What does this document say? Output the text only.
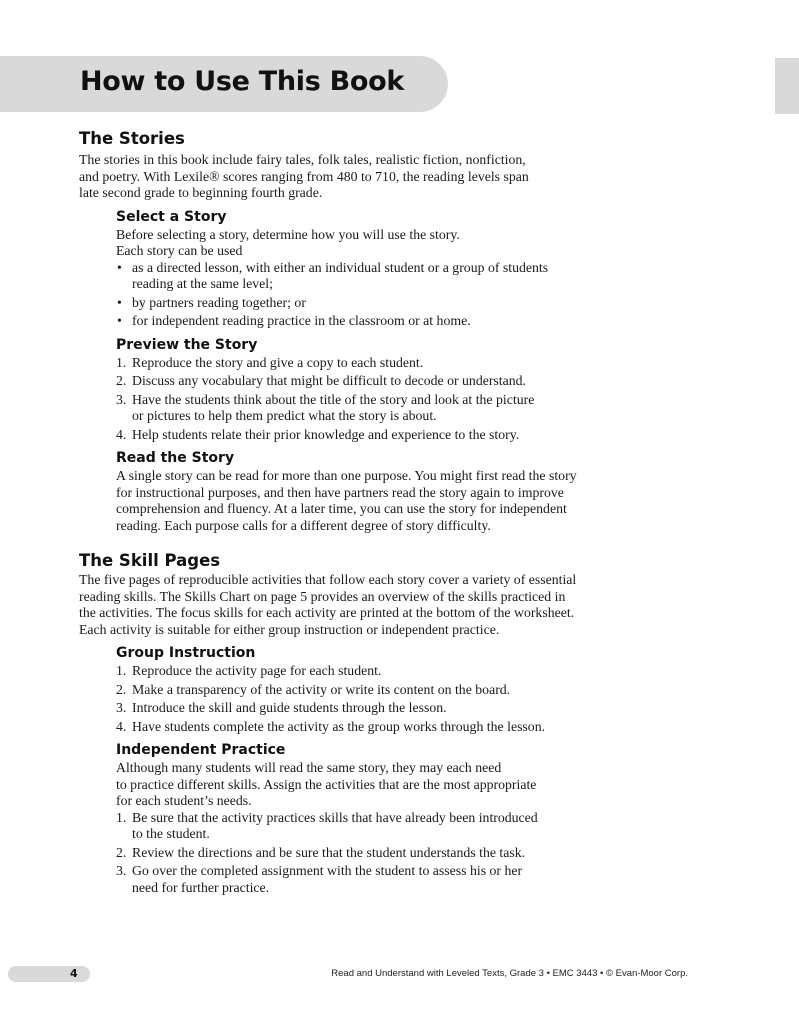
How to Use This Book
The Stories

The stories in this book include fairy tales, folk tales, realistic fiction, nonfiction,
and poetry. With Lexile® scores ranging from 480 to 710, the reading levels span
late second grade to beginning fourth grade.

Select a Story

Before selecting a story, determine how you will use the story.
Each story can be used

• as a directed lesson, with either an individual student or a group of students
reading at the same level;
• by partners reading together; or
• for independent reading practice in the classroom or at home.
Preview the Story
1. Reproduce the story and give a copy to each student.
2. Discuss any vocabulary that might be difficult to decode or understand.
3. Have the students think about the title of the story and look at the picture
or pictures to help them predict what the story is about.
4. Help students relate their prior knowledge and experience to the story.
Read the Story

A single story can be read for more than one purpose. You might first read the story
for instructional purposes, and then have partners read the story again to improve
comprehension and fluency. At a later time, you can use the story for independent
reading. Each purpose calls for a different degree of story difficulty.

The Skill Pages

The five pages of reproducible activities that follow each story cover a variety of essential
reading skills. The Skills Chart on page 5 provides an overview of the skills practiced in
the activities. The focus skills for each activity are printed at the bottom of the worksheet.
Each activity is suitable for either group instruction or independent practice.

Group Instruction
1. Reproduce the activity page for each student.
2. Make a transparency of the activity or write its content on the board.
3. Introduce the skill and guide students through the lesson.
4. Have students complete the activity as the group works through the lesson.
Independent Practice

Although many students will read the same story, they may each need
to practice different skills. Assign the activities that are the most appropriate
for each student’s needs.

1. Be sure that the activity practices skills that have already been introduced
to the student.
2. Review the directions and be sure that the student understands the task.
3. Go over the completed assignment with the student to assess his or her
need for further practice.
4	Read and Understand with Leveled Texts, Grade 3 • EMC 3443 • © Evan-Moor Corp.
